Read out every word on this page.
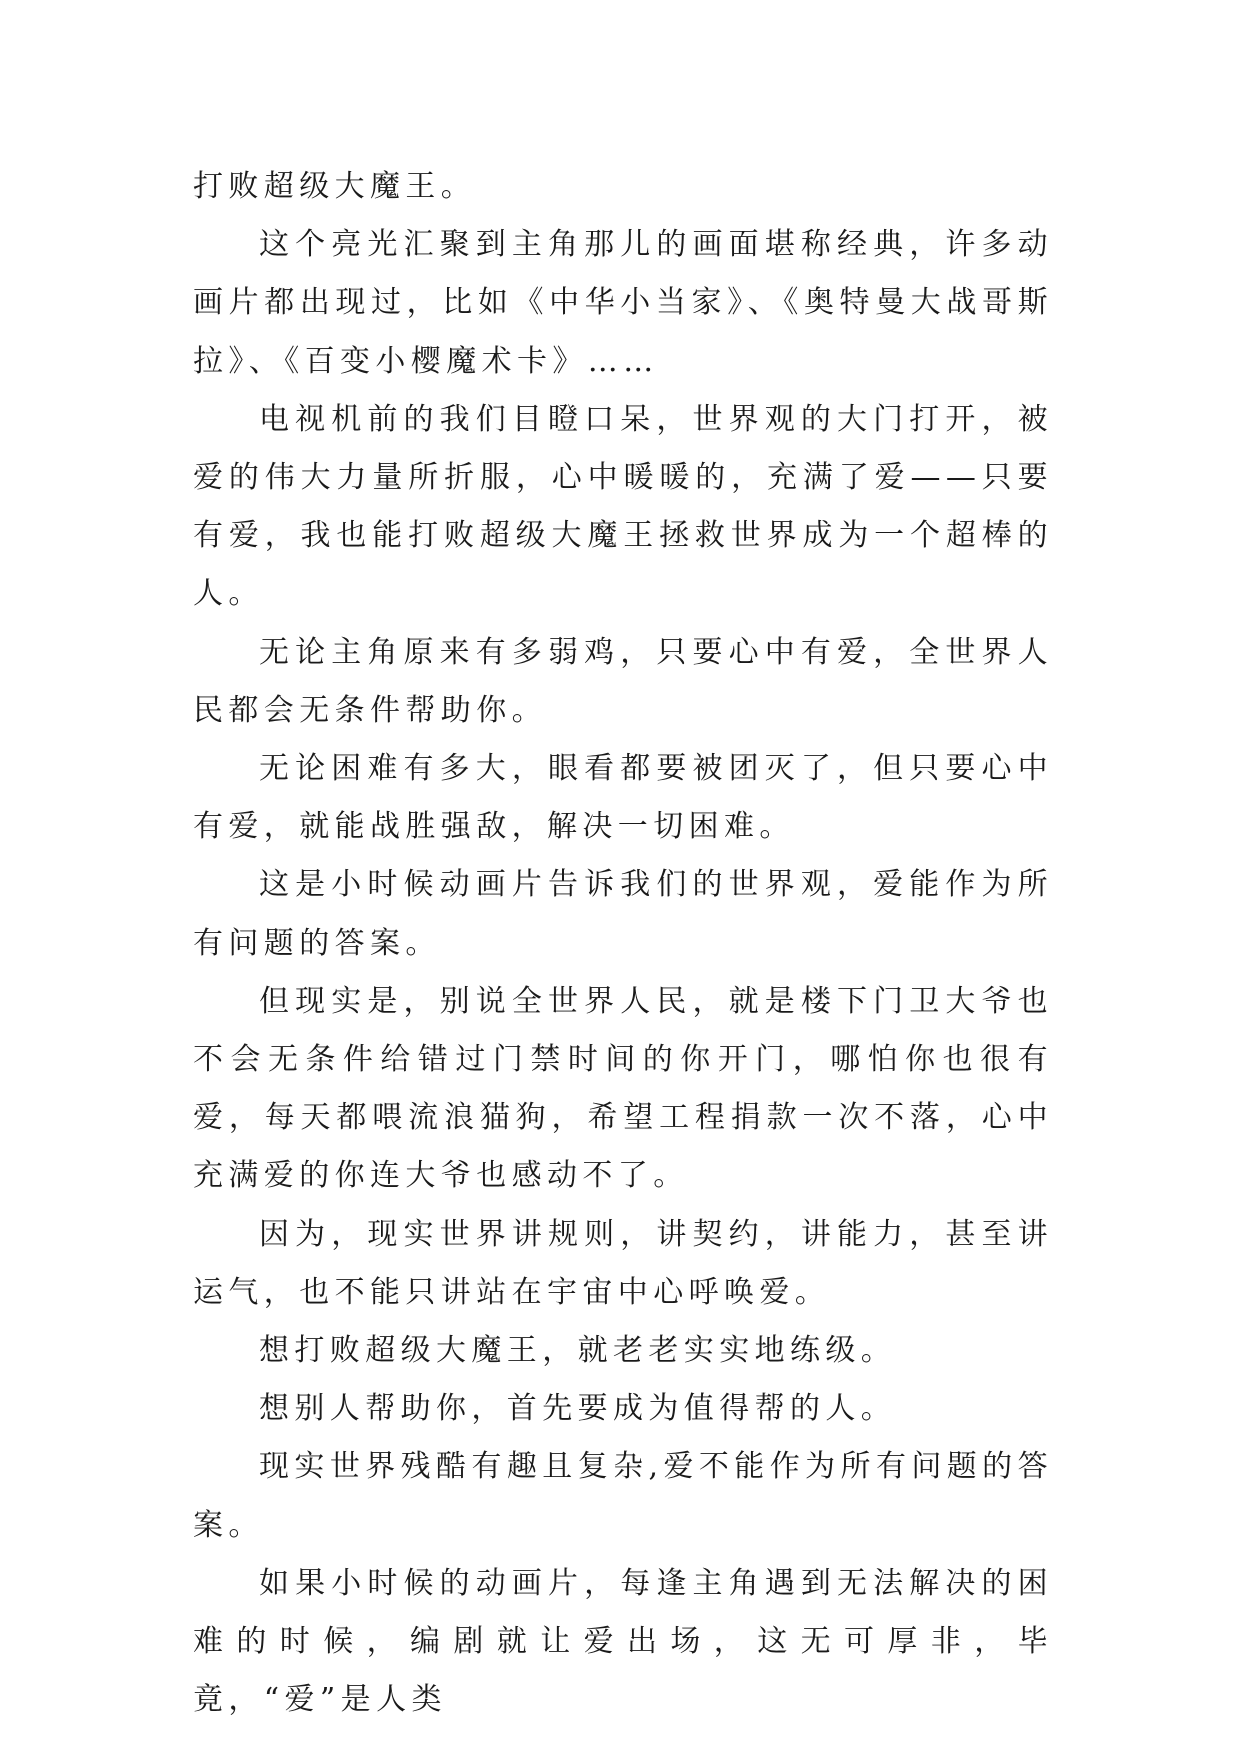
打败超级大魔王。

这个亮光汇聚到主角那儿的画面堪称经典，许多动画片都出现过，比如《中华小当家》、《奥特曼大战哥斯拉》、《百变小樱魔术卡》……

电视机前的我们目瞪口呆，世界观的大门打开，被爱的伟大力量所折服，心中暖暖的，充满了爱——只要有爱，我也能打败超级大魔王拯救世界成为一个超棒的人。

无论主角原来有多弱鸡，只要心中有爱，全世界人民都会无条件帮助你。

无论困难有多大，眼看都要被团灭了，但只要心中有爱，就能战胜强敌，解决一切困难。

这是小时候动画片告诉我们的世界观，爱能作为所有问题的答案。

但现实是，别说全世界人民，就是楼下门卫大爷也不会无条件给错过门禁时间的你开门，哪怕你也很有爱，每天都喂流浪猫狗，希望工程捐款一次不落，心中充满爱的你连大爷也感动不了。

因为，现实世界讲规则，讲契约，讲能力，甚至讲运气，也不能只讲站在宇宙中心呼唤爱。

想打败超级大魔王，就老老实实地练级。

想别人帮助你，首先要成为值得帮的人。

现实世界残酷有趣且复杂,爱不能作为所有问题的答案。

如果小时候的动画片，每逢主角遇到无法解决的困难的时候，编剧就让爱出场，这无可厚非，毕竟，“爱”是人类
